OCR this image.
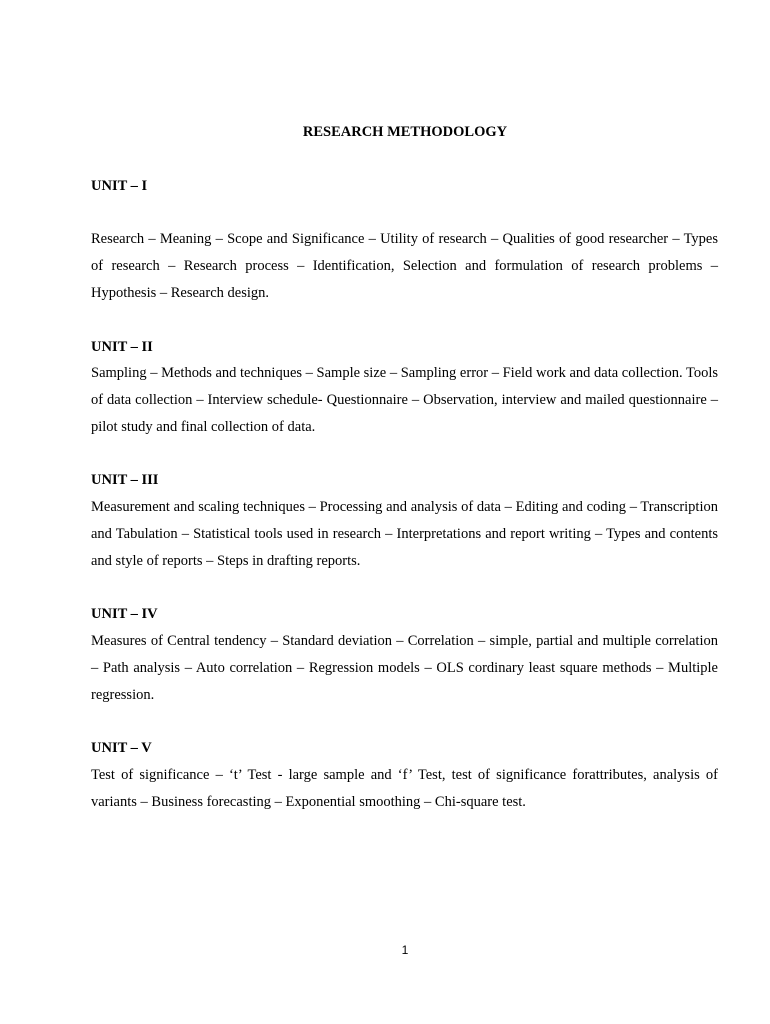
RESEARCH METHODOLOGY
UNIT – I

Research – Meaning – Scope and Significance – Utility of research – Qualities of good researcher – Types of research – Research process – Identification, Selection and formulation of research problems – Hypothesis – Research design.

UNIT – II

Sampling – Methods and techniques – Sample size – Sampling error – Field work and data collection. Tools of data collection – Interview schedule- Questionnaire – Observation, interview and mailed questionnaire – pilot study and final collection of data.

UNIT – III

Measurement and scaling techniques – Processing and analysis of data – Editing and coding – Transcription and Tabulation – Statistical tools used in research – Interpretations and report writing – Types and contents and style of reports – Steps in drafting reports.

UNIT – IV

Measures of Central tendency – Standard deviation – Correlation – simple, partial and multiple correlation – Path analysis – Auto correlation – Regression models – OLS cordinary least square methods – Multiple regression.

UNIT – V

Test of significance – ‘t’ Test - large sample and ‘f’ Test, test of significance forattributes, analysis of variants – Business forecasting – Exponential smoothing – Chi-square test.

1
